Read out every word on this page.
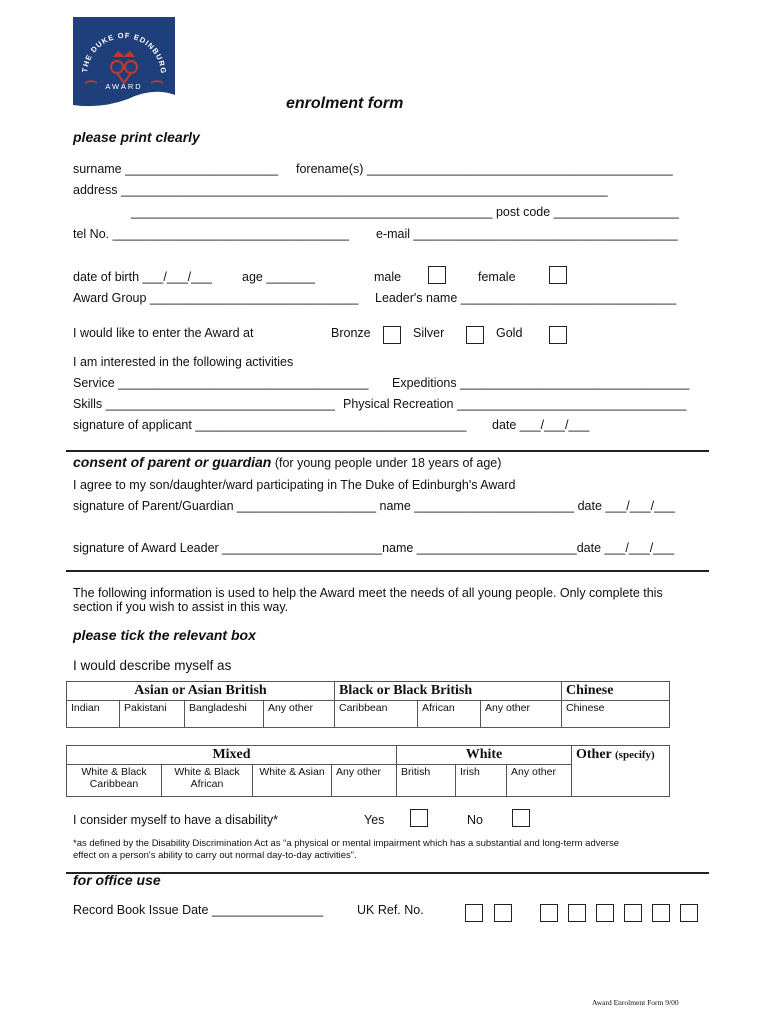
THE DUKE OF EDINBURG
AWARD
enrolment form
please print clearly
surname ______________________ forename(s) ____________________________________________
address ______________________________________________________________________
____________________________________________________ post code __________________
tel No. __________________________________ e-mail ______________________________________
date of birth ___/___/___ age _______	male	female
Award Group ______________________________ Leader's name _______________________________
I would like to enter the Award at	Bronze	Silver	Gold
I am interested in the following activities
Service ____________________________________ Expeditions _________________________________
Skills _________________________________ Physical Recreation _________________________________
signature of applicant _______________________________________ date ___/___/___
consent of parent or guardian (for young people under 18 years of age)
I agree to my son/daughter/ward participating in The Duke of Edinburgh's Award
signature of Parent/Guardian ____________________ name _______________________ date ___/___/___
signature of Award Leader _______________________name _______________________date ___/___/___
The following information is used to help the Award meet the needs of all young people. Only complete this
section if you wish to assist in this way.
please tick the relevant box
I would describe myself as
Asian or Asian British				Black or Black British			Chinese
Indian	Pakistani	Bangladeshi	Any other	Caribbean	African	Any other	Chinese
Mixed				White			Other (specify)
White & Black Caribbean	White & Black African	White & Asian	Any other	British	Irish	Any other	
I consider myself to have a disability*	Yes	No
*as defined by the Disability Discrimination Act as “a physical or mental impairment which has a substantial and long-term adverse
effect on a person's ability to carry out normal day-to-day activities”.
for office use
Record Book Issue Date ________________	UK Ref. No.
Award Enrolment Form 9/00
